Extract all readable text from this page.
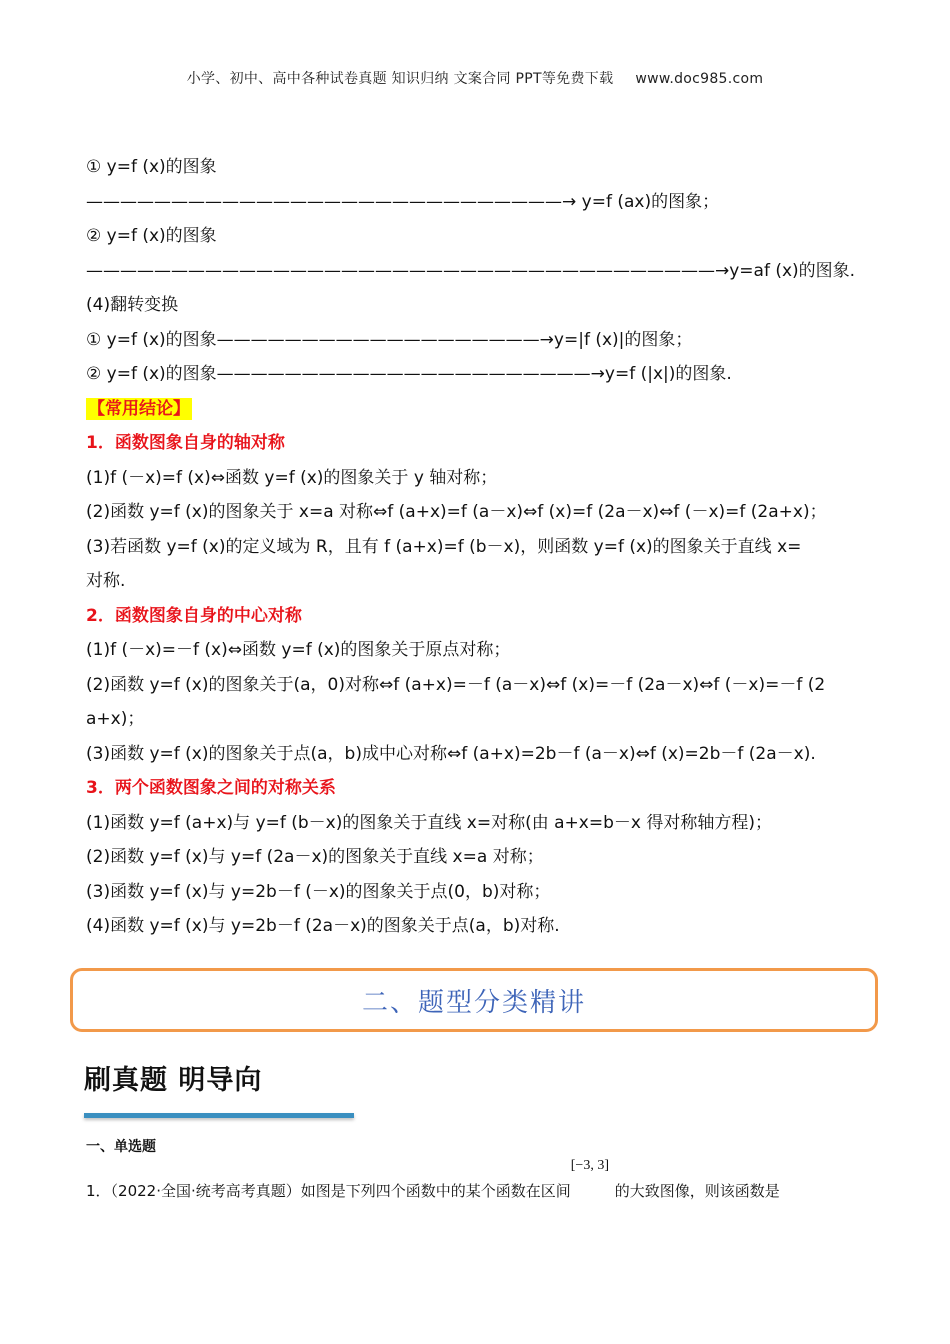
小学、初中、高中各种试卷真题 知识归纳 文案合同 PPT等免费下载 www.doc985.com
① y=f (x)的图象
————————————————————————————→ y=f (ax)的图象；
② y=f (x)的图象
—————————————————————————————————————→y=af (x)的图象.
(4)翻转变换
① y=f (x)的图象———————————————————→y=|f (x)|的图象；
② y=f (x)的图象——————————————————————→y=f (|x|)的图象.
【常用结论】
1．函数图象自身的轴对称
(1)f (－x)=f (x)⇔函数 y=f (x)的图象关于 y 轴对称；
(2)函数 y=f (x)的图象关于 x=a 对称⇔f (a+x)=f (a－x)⇔f (x)=f (2a－x)⇔f (－x)=f (2a+x)；
(3)若函数 y=f (x)的定义域为 R，且有 f (a+x)=f (b－x)，则函数 y=f (x)的图象关于直线 x=
对称.
2．函数图象自身的中心对称
(1)f (－x)=－f (x)⇔函数 y=f (x)的图象关于原点对称；
(2)函数 y=f (x)的图象关于(a，0)对称⇔f (a+x)=－f (a－x)⇔f (x)=－f (2a－x)⇔f (－x)=－f (2
a+x)；
(3)函数 y=f (x)的图象关于点(a，b)成中心对称⇔f (a+x)=2b－f (a－x)⇔f (x)=2b－f (2a－x).
3．两个函数图象之间的对称关系
(1)函数 y=f (a+x)与 y=f (b－x)的图象关于直线 x=对称(由 a+x=b－x 得对称轴方程)；
(2)函数 y=f (x)与 y=f (2a－x)的图象关于直线 x=a 对称；
(3)函数 y=f (x)与 y=2b－f (－x)的图象关于点(0，b)对称；
(4)函数 y=f (x)与 y=2b－f (2a－x)的图象关于点(a，b)对称.
二、题型分类精讲
刷真题 明导向
一、单选题
1．（2022·全国·统考高考真题）如图是下列四个函数中的某个函数在区间
[−3, 3]
的大致图像，则该函数是
